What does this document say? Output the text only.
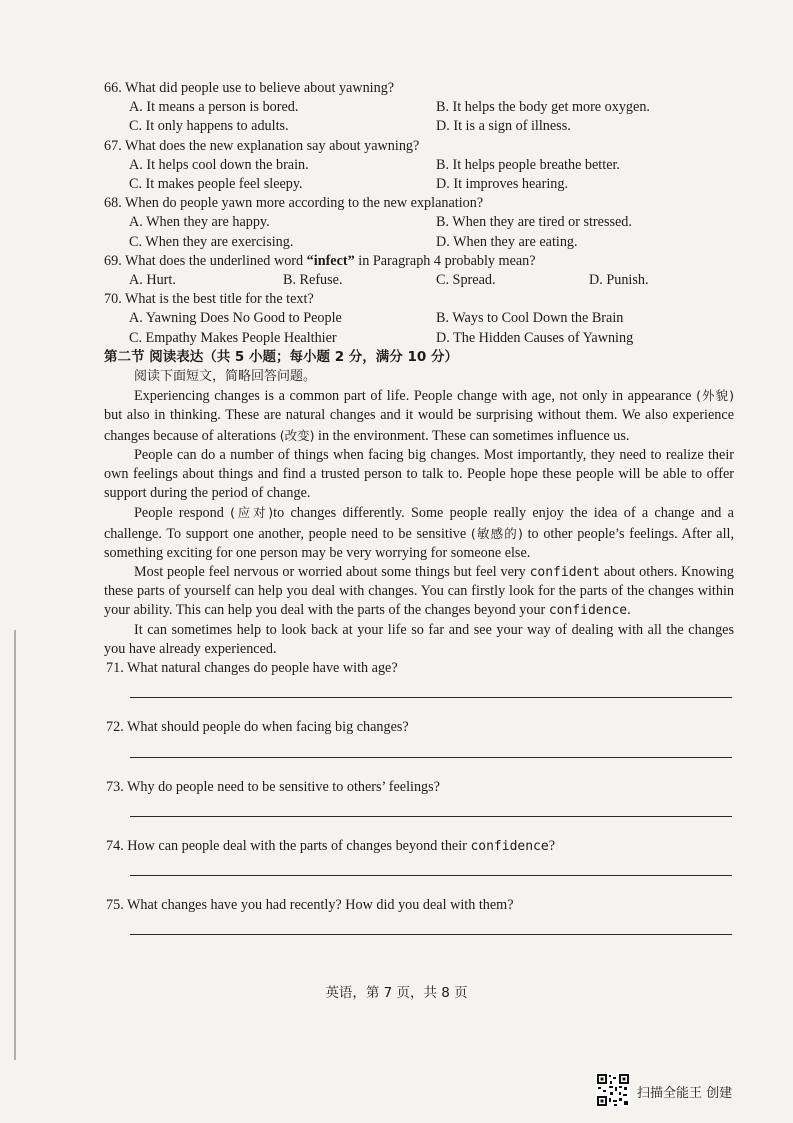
66. What did people use to believe about yawning?

A. It means a person is bored.	B. It helps the body get more oxygen.
C. It only happens to adults.	D. It is a sign of illness.

67. What does the new explanation say about yawning?

A. It helps cool down the brain.	B. It helps people breathe better.
C. It makes people feel sleepy.	D. It improves hearing.

68. When do people yawn more according to the new explanation?

A. When they are happy.	B. When they are tired or stressed.
C. When they are exercising.	D. When they are eating.

69. What does the underlined word “infect” in Paragraph 4 probably mean?

A. Hurt.	B. Refuse.	C. Spread.	D. Punish.

70. What is the best title for the text?

A. Yawning Does No Good to People	B. Ways to Cool Down the Brain
C. Empathy Makes People Healthier	D. The Hidden Causes of Yawning

第二节 阅读表达（共 5 小题；每小题 2 分，满分 10 分）

阅读下面短文，简略回答问题。

Experiencing changes is a common part of life. People change with age, not only in appearance (外貌) but also in thinking. These are natural changes and it would be surprising without them. We also experience changes because of alterations (改变) in the environment. These can sometimes influence us.

People can do a number of things when facing big changes. Most importantly, they need to realize their own feelings about things and find a trusted person to talk to. People hope these people will be able to offer support during the period of change.

People respond (应对)to changes differently. Some people really enjoy the idea of a change and a challenge. To support one another, people need to be sensitive (敏感的) to other people’s feelings. After all, something exciting for one person may be very worrying for someone else.

Most people feel nervous or worried about some things but feel very confident about others. Knowing these parts of yourself can help you deal with changes. You can firstly look for the parts of the changes within your ability. This can help you deal with the parts of the changes beyond your confidence.

It can sometimes help to look back at your life so far and see your way of dealing with all the changes you have already experienced.

71. What natural changes do people have with age?

72. What should people do when facing big changes?

73. Why do people need to be sensitive to others’ feelings?

74. How can people deal with the parts of changes beyond their confidence?

75. What changes have you had recently? How did you deal with them?

英语，第 7 页，共 8 页
扫描全能王 创建
